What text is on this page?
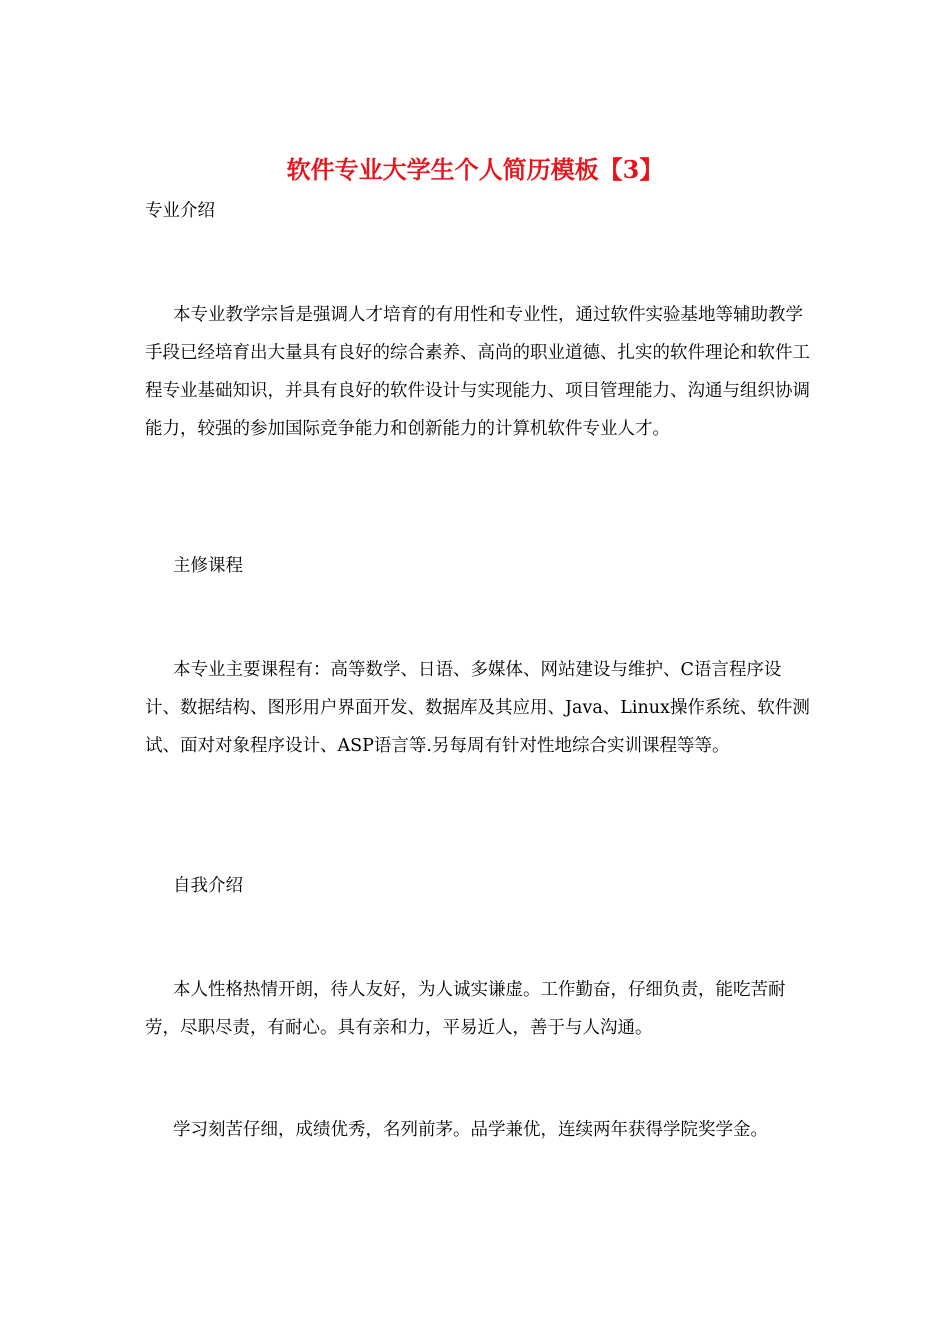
软件专业大学生个人简历模板【3】

专业介绍

本专业教学宗旨是强调人才培育的有用性和专业性，通过软件实验基地等辅助教学手段已经培育出大量具有良好的综合素养、高尚的职业道德、扎实的软件理论和软件工程专业基础知识，并具有良好的软件设计与实现能力、项目管理能力、沟通与组织协调能力，较强的参加国际竞争能力和创新能力的计算机软件专业人才。

主修课程

本专业主要课程有：高等数学、日语、多媒体、网站建设与维护、C语言程序设计、数据结构、图形用户界面开发、数据库及其应用、Java、Linux操作系统、软件测试、面对对象程序设计、ASP语言等.另每周有针对性地综合实训课程等等。

自我介绍

本人性格热情开朗，待人友好，为人诚实谦虚。工作勤奋，仔细负责，能吃苦耐劳，尽职尽责，有耐心。具有亲和力，平易近人，善于与人沟通。

学习刻苦仔细，成绩优秀，名列前茅。品学兼优，连续两年获得学院奖学金。
